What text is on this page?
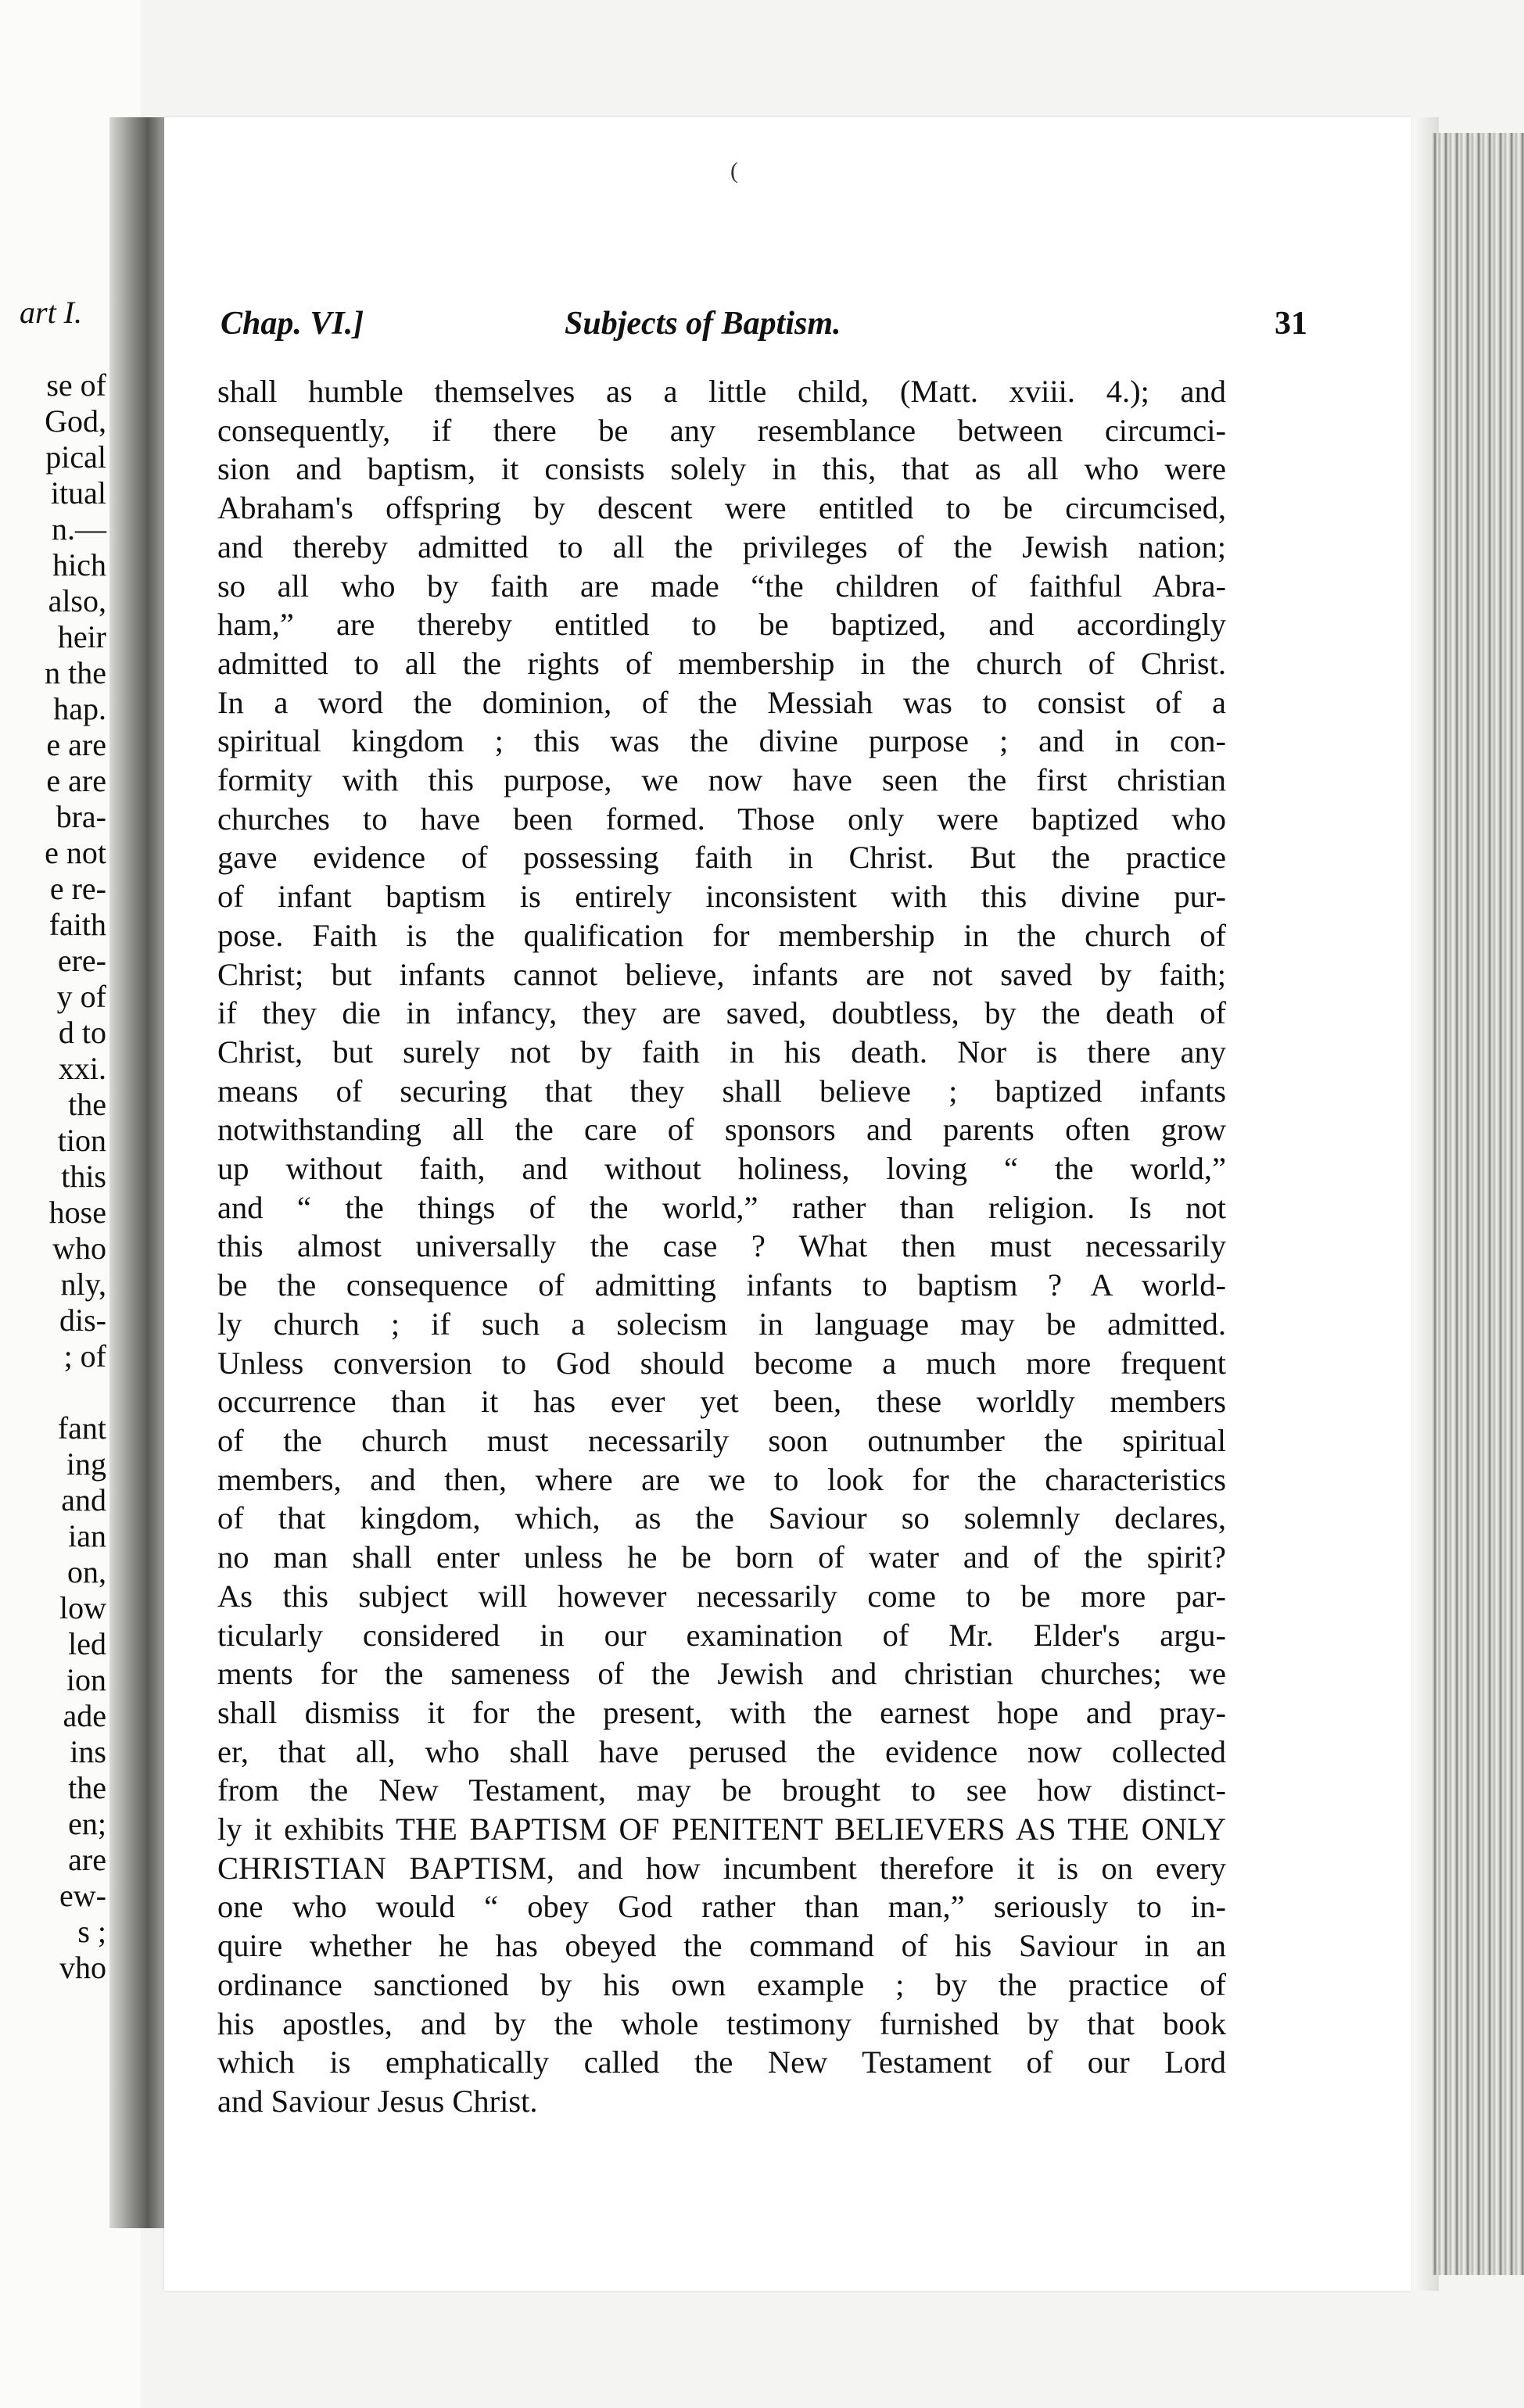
art I.
se of
God,
pical
itual
n.—
hich
also,
heir
n the
hap.
e are
e are
bra-
e not
e re-
faith
ere-
y of
d to
xxi.
the
tion
this
hose
who
nly,
dis-
; of

fant
ing
and
ian
on,
low
led
ion
ade
ins
the
en;
are
ew-
s ;
vho
(
Chap. VI.]	Subjects of Baptism.	31
shall humble themselves as a little child, (Matt. xviii. 4.); and
consequently, if there be any resemblance between circumci-
sion and baptism, it consists solely in this, that as all who were
Abraham's offspring by descent were entitled to be circumcised,
and thereby admitted to all the privileges of the Jewish nation;
so all who by faith are made “the children of faithful Abra-
ham,” are thereby entitled to be baptized, and accordingly
admitted to all the rights of membership in the church of Christ.
In a word the dominion, of the Messiah was to consist of a
spiritual kingdom ; this was the divine purpose ; and in con-
formity with this purpose, we now have seen the first christian
churches to have been formed. Those only were baptized who
gave evidence of possessing faith in Christ. But the practice
of infant baptism is entirely inconsistent with this divine pur-
pose. Faith is the qualification for membership in the church of
Christ; but infants cannot believe, infants are not saved by faith;
if they die in infancy, they are saved, doubtless, by the death of
Christ, but surely not by faith in his death. Nor is there any
means of securing that they shall believe ; baptized infants
notwithstanding all the care of sponsors and parents often grow
up without faith, and without holiness, loving “ the world,”
and “ the things of the world,” rather than religion. Is not
this almost universally the case ? What then must necessarily
be the consequence of admitting infants to baptism ? A world-
ly church ; if such a solecism in language may be admitted.
Unless conversion to God should become a much more frequent
occurrence than it has ever yet been, these worldly members
of the church must necessarily soon outnumber the spiritual
members, and then, where are we to look for the characteristics
of that kingdom, which, as the Saviour so solemnly declares,
no man shall enter unless he be born of water and of the spirit?
As this subject will however necessarily come to be more par-
ticularly considered in our examination of Mr. Elder's argu-
ments for the sameness of the Jewish and christian churches; we
shall dismiss it for the present, with the earnest hope and pray-
er, that all, who shall have perused the evidence now collected
from the New Testament, may be brought to see how distinct-
ly it exhibits THE BAPTISM OF PENITENT BELIEVERS AS THE ONLY
CHRISTIAN BAPTISM, and how incumbent therefore it is on every
one who would “ obey God rather than man,” seriously to in-
quire whether he has obeyed the command of his Saviour in an
ordinance sanctioned by his own example ; by the practice of
his apostles, and by the whole testimony furnished by that book
which is emphatically called the New Testament of our Lord
and Saviour Jesus Christ.
